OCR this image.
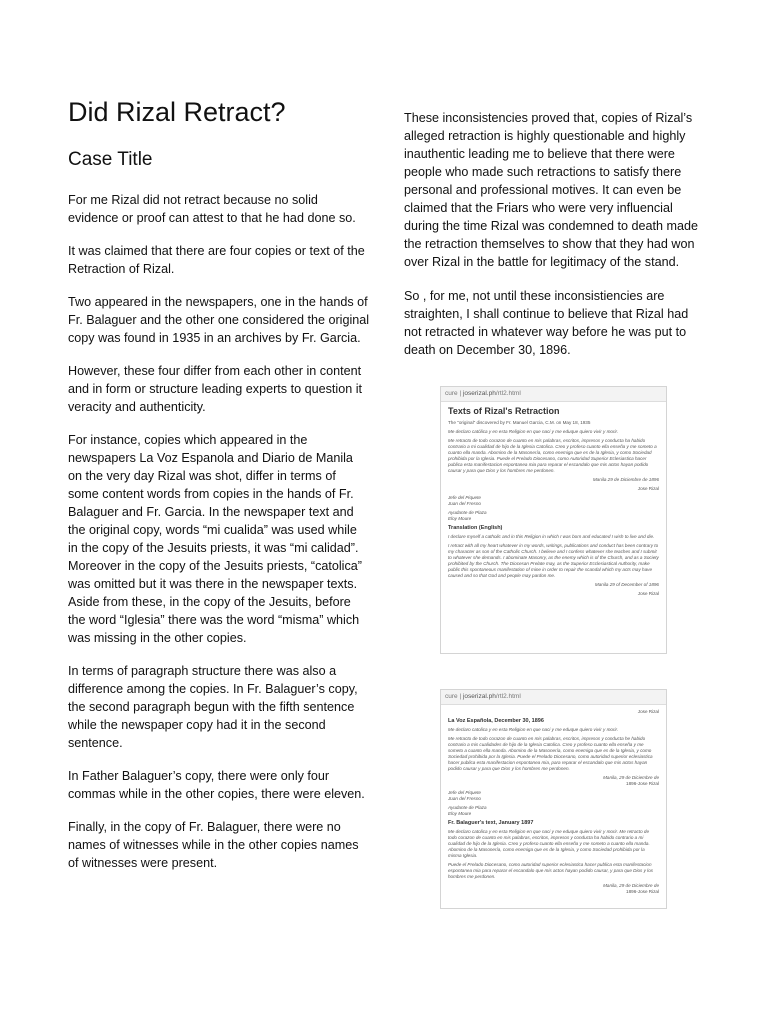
Did Rizal Retract?
Case Title

For me Rizal did not retract because no solid evidence or proof can attest to that he had done so.

It was claimed that there are four copies or text of the Retraction of Rizal.

Two appeared in the newspapers, one in the hands of Fr. Balaguer and the other one considered the original copy was found in 1935 in an archives by Fr. Garcia.

However, these four differ from each other in content and in form or structure leading experts to question it veracity and authenticity.

For instance, copies which appeared in the newspapers La Voz Espanola and Diario de Manila on the very day Rizal was shot, differ in terms of some content words from copies in the hands of Fr. Balaguer and Fr. Garcia. In the newspaper text and the original copy, words “mi cualida” was used while in the copy of the Jesuits priests, it was “mi calidad”. Moreover in the copy of the Jesuits priests, “catolica” was omitted but it was there in the newspaper texts. Aside from these, in the copy of the Jesuits, before the word “Iglesia” there was the word “misma” which was missing in the other copies.

In terms of paragraph structure there was also a difference among the copies. In Fr. Balaguer’s copy, the second paragraph begun with the fifth sentence while the newspaper copy had it in the second sentence.

In Father Balaguer’s copy, there were only four commas while in the other copies, there were eleven.

Finally, in the copy of Fr. Balaguer, there were no names of witnesses while in the other copies names of witnesses were present.

These inconsistencies proved that, copies of Rizal’s alleged retraction is highly questionable and highly inauthentic leading me to believe that there were people who made such retractions to satisfy there personal and professional motives. It can even be claimed that the Friars who were very influencial during the time Rizal was condemned to death made the retraction themselves to show that they had won over Rizal in the battle for legitimacy of the stand.

So , for me, not until these inconsistiencies are straighten, I shall continue to believe that Rizal had not retracted in whatever way before he was put to death on December 30, 1896.

cure | joserizal.ph/rtl2.html
Texts of Rizal's Retraction
The "original" discovered by Fr. Manuel Garcia, C.M. on May 18, 1935
Me declaro católica y en esta Religion en que naci y me eduque quiero vivir y morir.
Me retracto de todo corazon de cuanto en mis palabras, escritos, impresos y conducta ha habido contrario a mi cualidad de hijo de la Iglesia Catolica. Creo y profeso cuanto ella enseña y me someto a cuanto ella manda. Abomino de la Masonería, como enemiga que es de la Iglesia, y como Sociedad prohibida por la Iglesia. Puede el Prelado Diocesano, como Autoridad Superior Eclesiastica hacer publica esta manifestacion espontanea mia para reparar el escandalo que mis actos hayan podido causar y para que Dios y los hombres me perdonen.
Manila 29 de Diciembre de 1896
Jose Rizal
Jefe del Piquete
Juan del Fresno
Ayudante de Plaza
Eloy Moure
Translation (English)
I declare myself a catholic and in this Religion in which I was born and educated I wish to live and die.
I retract with all my heart whatever in my words, writings, publications and conduct has been contrary to my character as son of the Catholic Church. I believe and I confess whatever she teaches and I submit to whatever she demands. I abominate Masonry, as the enemy which is of the Church, and as a Society prohibited by the Church. The Diocesan Prelate may, as the Superior Ecclesiastical Authority, make public this spontaneous manifestation of mine in order to repair the scandal which my acts may have caused and so that God and people may pardon me.
Manila 29 of December of 1896
Jose Rizal
cure | joserizal.ph/rtl2.html
Jose Rizal
La Voz Española, December 30, 1896
Me declaro catolica y en esta Religion en que naci y me eduque quiero vivir y morir.
Me retracto de todo corazon de cuanto en mis palabras, escritos, impresos y conducta he habido contrario a mis cualidades de hijo de la Iglesia Catolica. Creo y profeso cuanto ella enseña y me someto a cuanto ella manda. Abomino de la Masonería, como enemiga que es de la Iglesia, y como Sociedad prohibida por la Iglesia. Puede el Prelado Diocesano, como autoridad superior eclesiastica hacer publica esta manifestacion espontanea mia, para reparar el escandalo que mis actos hayan podido causar y para que Dios y los hombres me perdonen.
Manila, 29 de Diciembre de
1896-Jose Rizal
Jefe del Piquete
Juan del Fresno
Ayudante de Plaza
Eloy Moure
Fr. Balaguer's text, January 1897
Me declaro catolica y en esta Religion en que naci y me eduque quiero vivir y morir. Me retracto de todo corazon de cuanto en mis palabras, escritos, impresos y conducta ha habido contrario a mi cualidad de hijo de la Iglesia. Creo y profeso cuanto ella enseña y me someto a cuanto ella manda. Abomino de la Masonería, como enemiga que es de la Iglesia, y como Sociedad prohibida por la misma Iglesia.
Puede el Prelado Diocesano, como autoridad superior eclesiastica hacer publica esta manifestacion espontanea mia para reparar el escandalo que mis actos hayan podido causar, y para que Dios y los hombres me perdonen.
Manila, 29 de Diciembre de
1896-Jose Rizal
